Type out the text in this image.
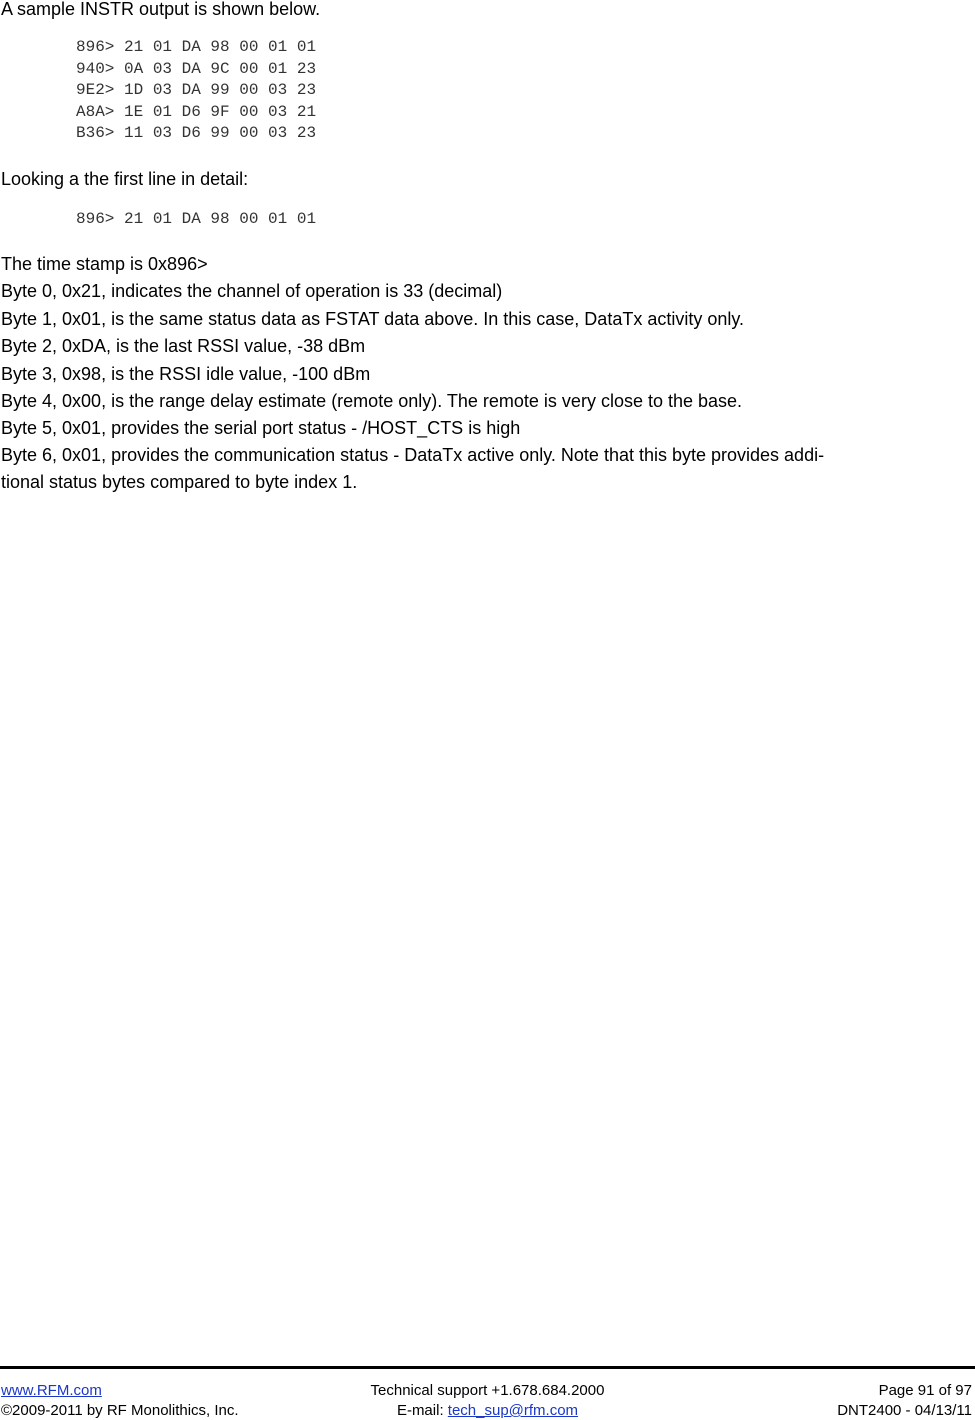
A sample INSTR output is shown below.

896> 21 01 DA 98 00 01 01
940> 0A 03 DA 9C 00 01 23
9E2> 1D 03 DA 99 00 03 23
A8A> 1E 01 D6 9F 00 03 21
B36> 11 03 D6 99 00 03 23

Looking a the first line in detail:

896> 21 01 DA 98 00 01 01

The time stamp is 0x896>

Byte 0, 0x21, indicates the channel of operation is 33 (decimal)

Byte 1, 0x01, is the same status data as FSTAT data above. In this case, DataTx activity only.

Byte 2, 0xDA, is the last RSSI value, -38 dBm

Byte 3, 0x98, is the RSSI idle value, -100 dBm

Byte 4, 0x00, is the range delay estimate (remote only). The remote is very close to the base.

Byte 5, 0x01, provides the serial port status - /HOST_CTS is high

Byte 6, 0x01, provides the communication status - DataTx active only. Note that this byte provides addi-

tional status bytes compared to byte index 1.

www.RFM.com
©2009-2011 by RF Monolithics, Inc.
Technical support +1.678.684.2000
E-mail: tech_sup@rfm.com
Page 91 of 97
DNT2400 - 04/13/11
